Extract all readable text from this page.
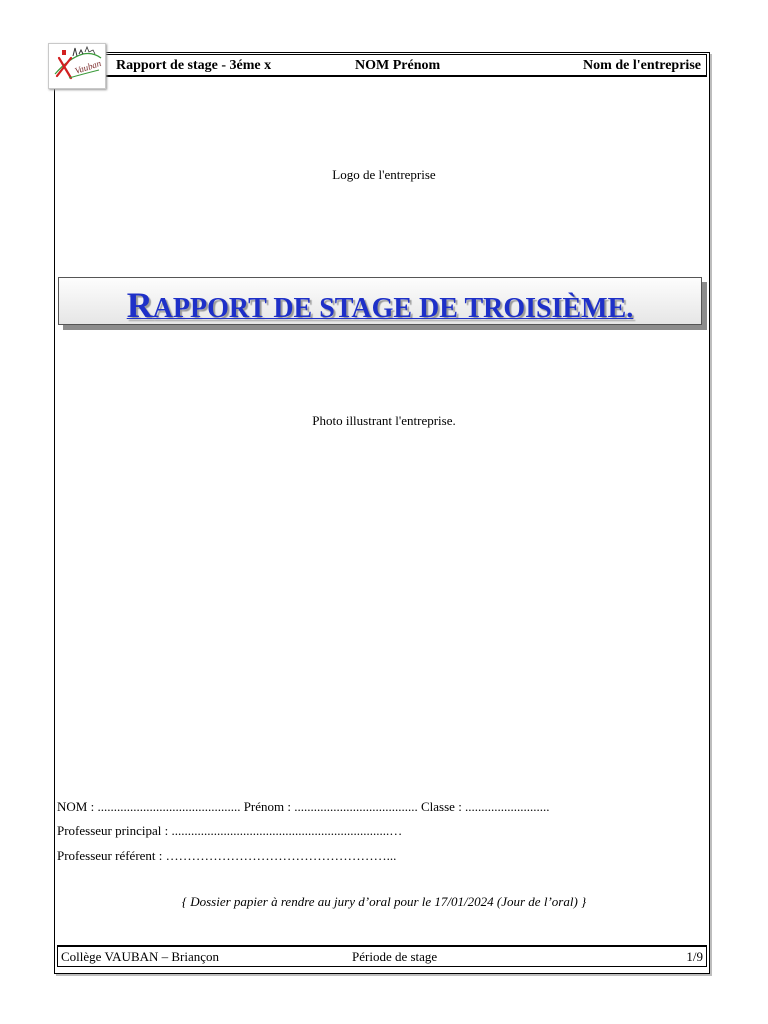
Vauban Rapport de stage - 3éme x	NOM Prénom	Nom de l'entreprise
Logo de l'entreprise
RAPPORT DE STAGE DE TROISIÈME.
Photo illustrant l'entreprise.
NOM : ............................................ Prénom : ...................................... Classe : ..........................
Professeur principal : ...................................................................…
Professeur référent : ……………………………………………...
{ Dossier papier à rendre au jury d’oral pour le 17/01/2024 (Jour de l’oral) }
Collège VAUBAN – Briançon	Période de stage	1/9
